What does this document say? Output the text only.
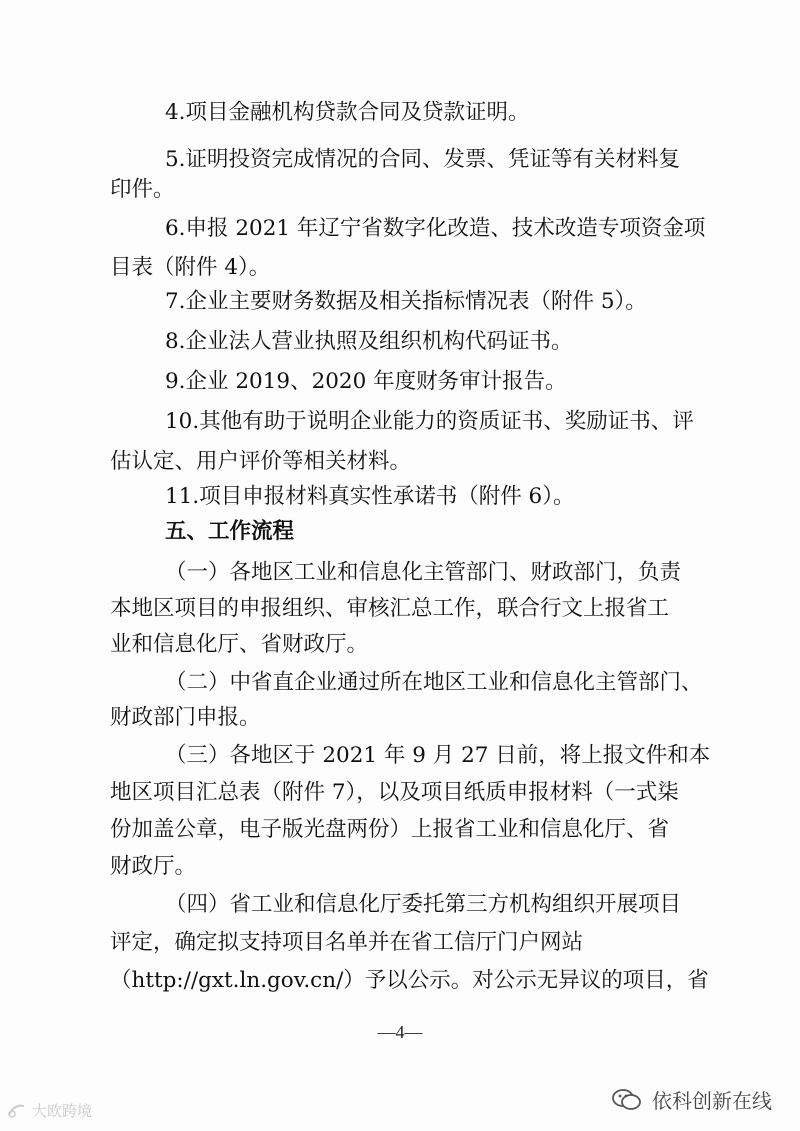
4.项目金融机构贷款合同及贷款证明。
5.证明投资完成情况的合同、发票、凭证等有关材料复
印件。
6.申报 2021 年辽宁省数字化改造、技术改造专项资金项
目表（附件 4）。
7.企业主要财务数据及相关指标情况表（附件 5）。
8.企业法人营业执照及组织机构代码证书。
9.企业 2019、2020 年度财务审计报告。
10.其他有助于说明企业能力的资质证书、奖励证书、评
估认定、用户评价等相关材料。
11.项目申报材料真实性承诺书（附件 6）。
五、工作流程
（一）各地区工业和信息化主管部门、财政部门，负责
本地区项目的申报组织、审核汇总工作，联合行文上报省工
业和信息化厅、省财政厅。
（二）中省直企业通过所在地区工业和信息化主管部门、
财政部门申报。
（三）各地区于 2021 年 9 月 27 日前，将上报文件和本
地区项目汇总表（附件 7），以及项目纸质申报材料（一式柒
份加盖公章，电子版光盘两份）上报省工业和信息化厅、省
财政厅。
（四）省工业和信息化厅委托第三方机构组织开展项目
评定，确定拟支持项目名单并在省工信厅门户网站
（http://gxt.ln.gov.cn/）予以公示。对公示无异议的项目，省
—4—
依科创新在线
大欧跨境
